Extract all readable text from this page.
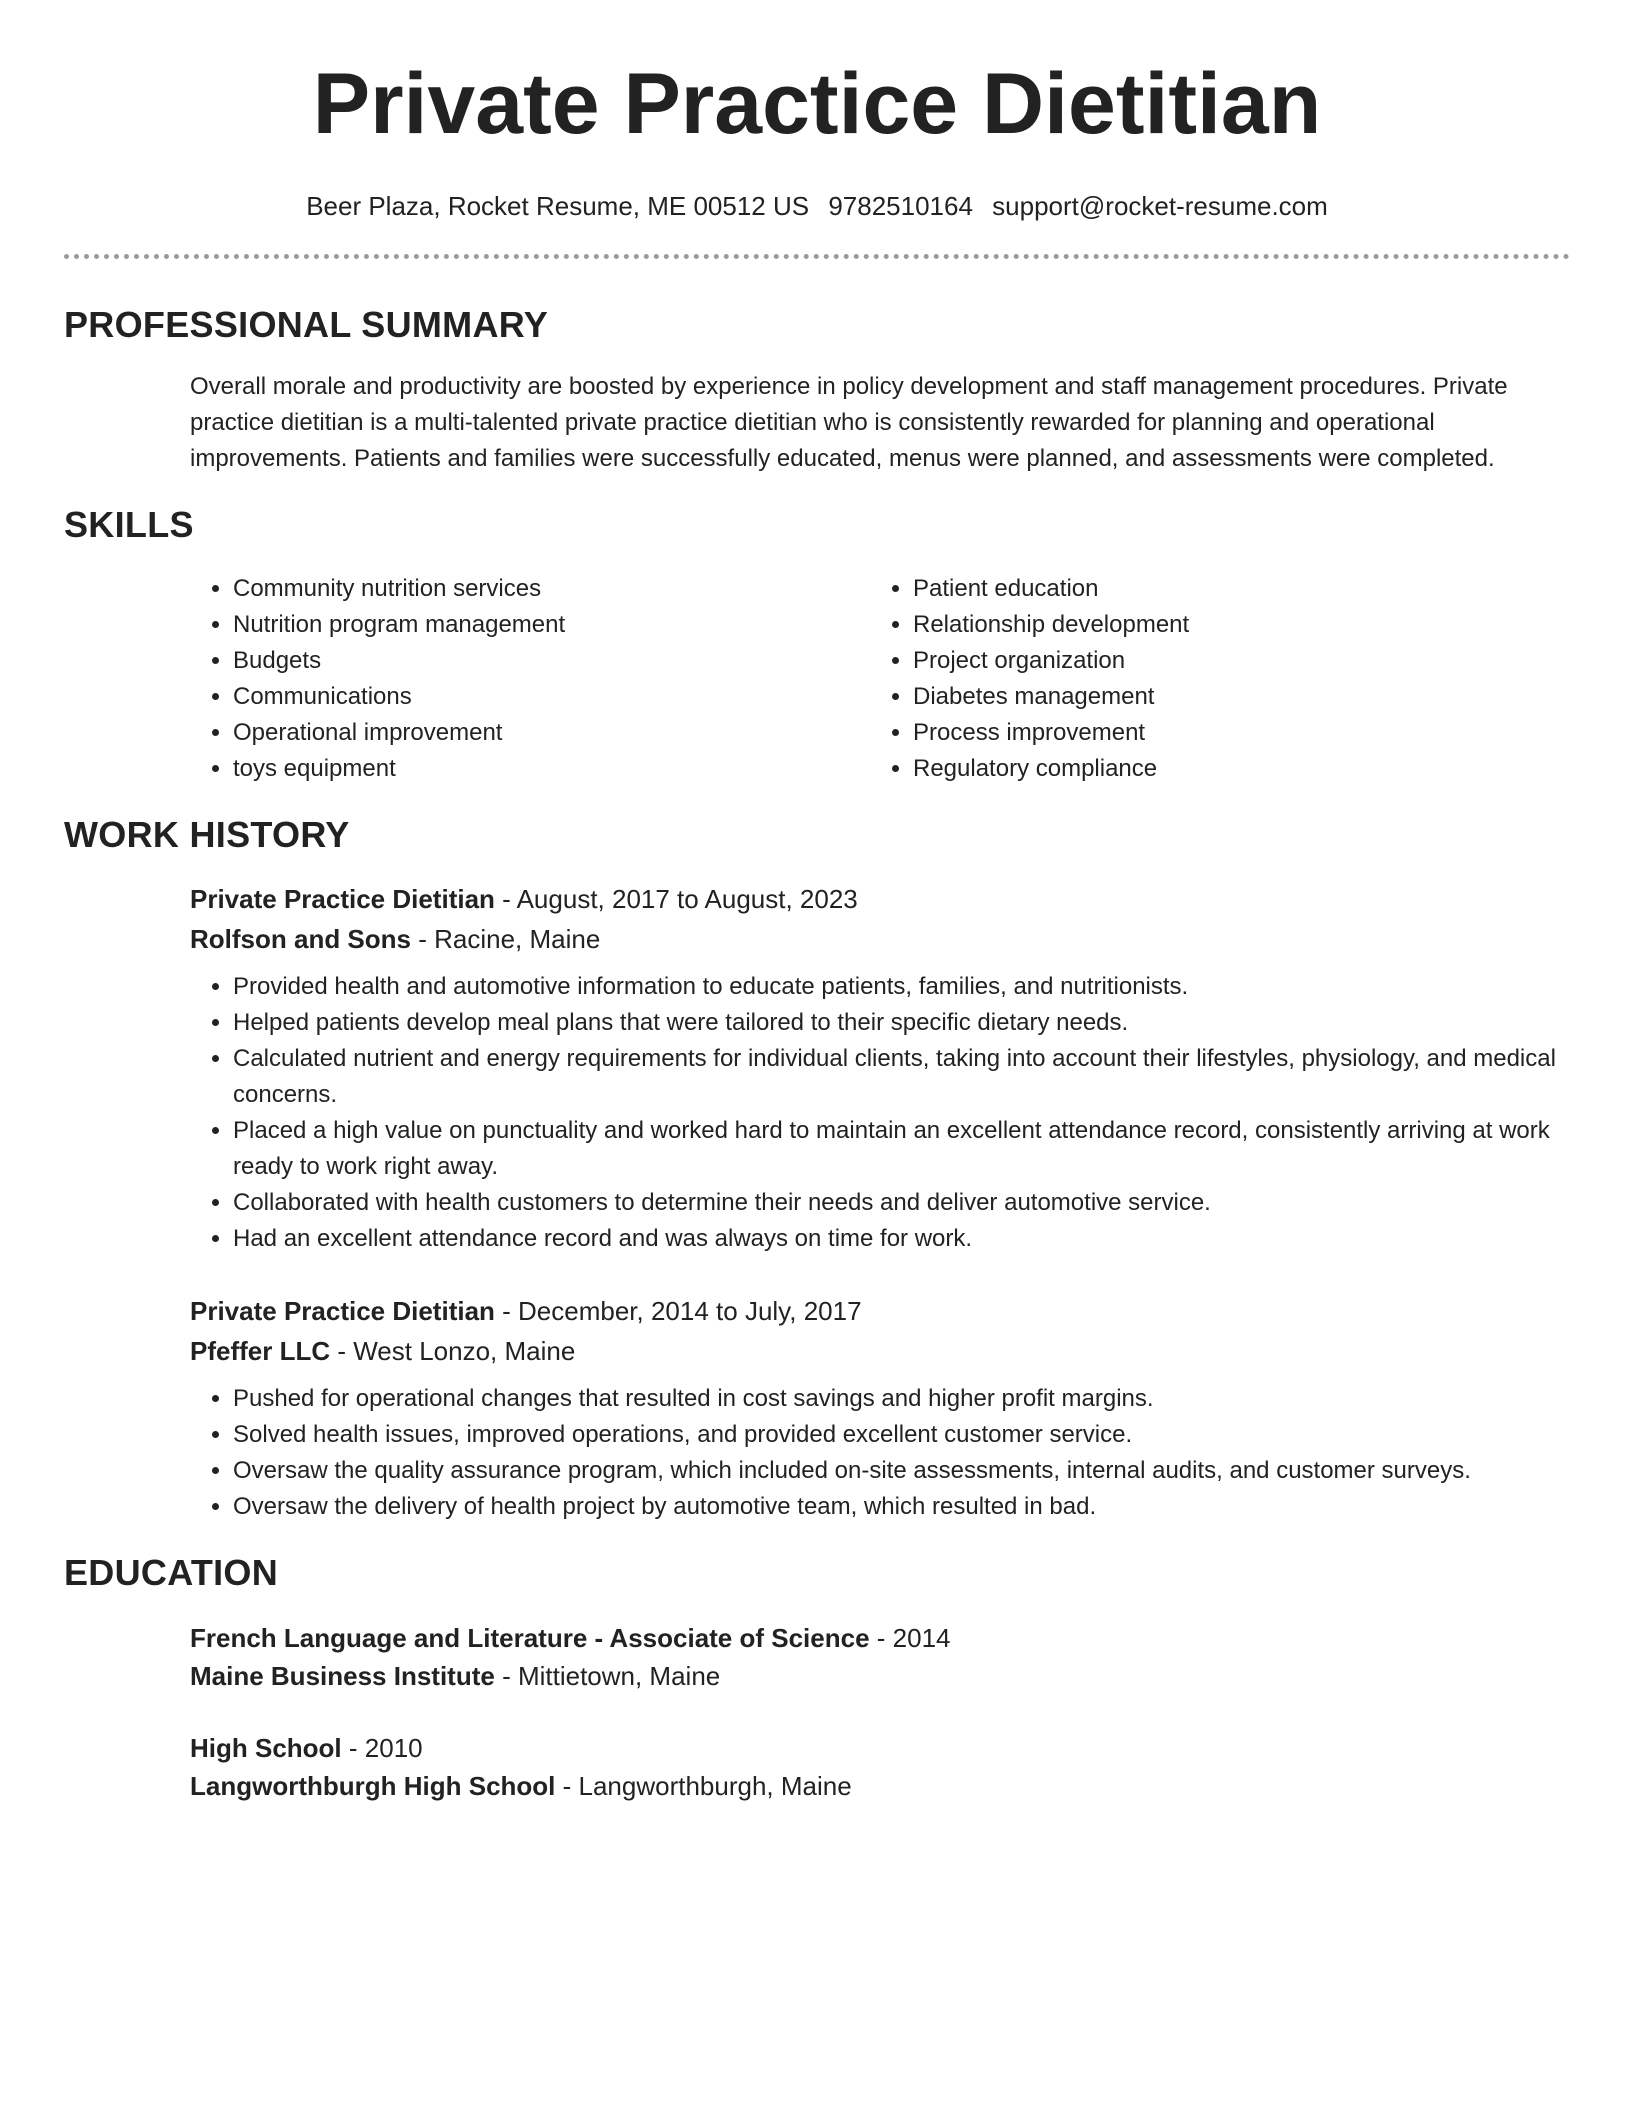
Private Practice Dietitian
Beer Plaza, Rocket Resume, ME 00512 US 9782510164 support@rocket-resume.com
PROFESSIONAL SUMMARY
Overall morale and productivity are boosted by experience in policy development and staff management procedures. Private practice dietitian is a multi-talented private practice dietitian who is consistently rewarded for planning and operational improvements. Patients and families were successfully educated, menus were planned, and assessments were completed.
SKILLS
• Community nutrition services
• Nutrition program management
• Budgets
• Communications
• Operational improvement
• toys equipment
• Patient education
• Relationship development
• Project organization
• Diabetes management
• Process improvement
• Regulatory compliance
WORK HISTORY
Private Practice Dietitian - August, 2017 to August, 2023
Rolfson and Sons - Racine, Maine
• Provided health and automotive information to educate patients, families, and nutritionists.
• Helped patients develop meal plans that were tailored to their specific dietary needs.
• Calculated nutrient and energy requirements for individual clients, taking into account their lifestyles, physiology, and medical concerns.
• Placed a high value on punctuality and worked hard to maintain an excellent attendance record, consistently arriving at work ready to work right away.
• Collaborated with health customers to determine their needs and deliver automotive service.
• Had an excellent attendance record and was always on time for work.
Private Practice Dietitian - December, 2014 to July, 2017
Pfeffer LLC - West Lonzo, Maine
• Pushed for operational changes that resulted in cost savings and higher profit margins.
• Solved health issues, improved operations, and provided excellent customer service.
• Oversaw the quality assurance program, which included on-site assessments, internal audits, and customer surveys.
• Oversaw the delivery of health project by automotive team, which resulted in bad.
EDUCATION
French Language and Literature - Associate of Science - 2014
Maine Business Institute - Mittietown, Maine
High School - 2010
Langworthburgh High School - Langworthburgh, Maine
